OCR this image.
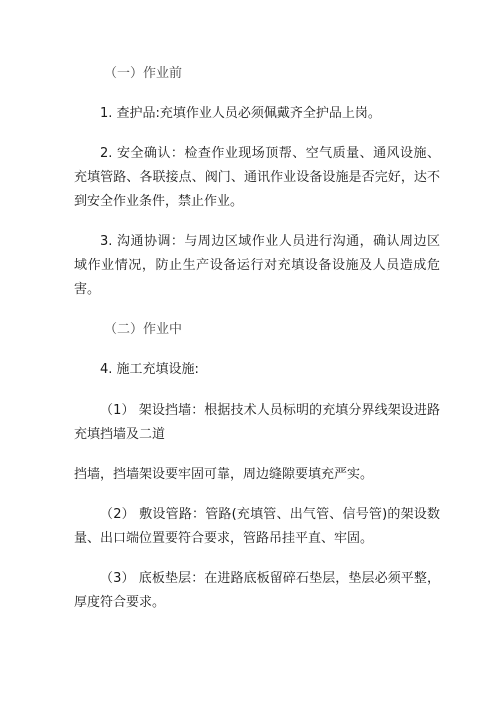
（一）作业前

1. 查护品:充填作业人员必须佩戴齐全护品上岗。

2. 安全确认：检查作业现场顶帮、空气质量、通风设施、充填管路、各联接点、阀门、通讯作业设备设施是否完好，达不到安全作业条件，禁止作业。

3. 沟通协调：与周边区域作业人员进行沟通，确认周边区域作业情况，防止生产设备运行对充填设备设施及人员造成危害。

（二）作业中

4. 施工充填设施:

（1） 架设挡墙：根据技术人员标明的充填分界线架设进路充填挡墙及二道

挡墙，挡墙架设要牢固可靠，周边缝隙要填充严实。

（2） 敷设管路：管路(充填管、出气管、信号管)的架设数量、出口端位置要符合要求，管路吊挂平直、牢固。

（3） 底板垫层：在进路底板留碎石垫层，垫层必须平整，厚度符合要求。
